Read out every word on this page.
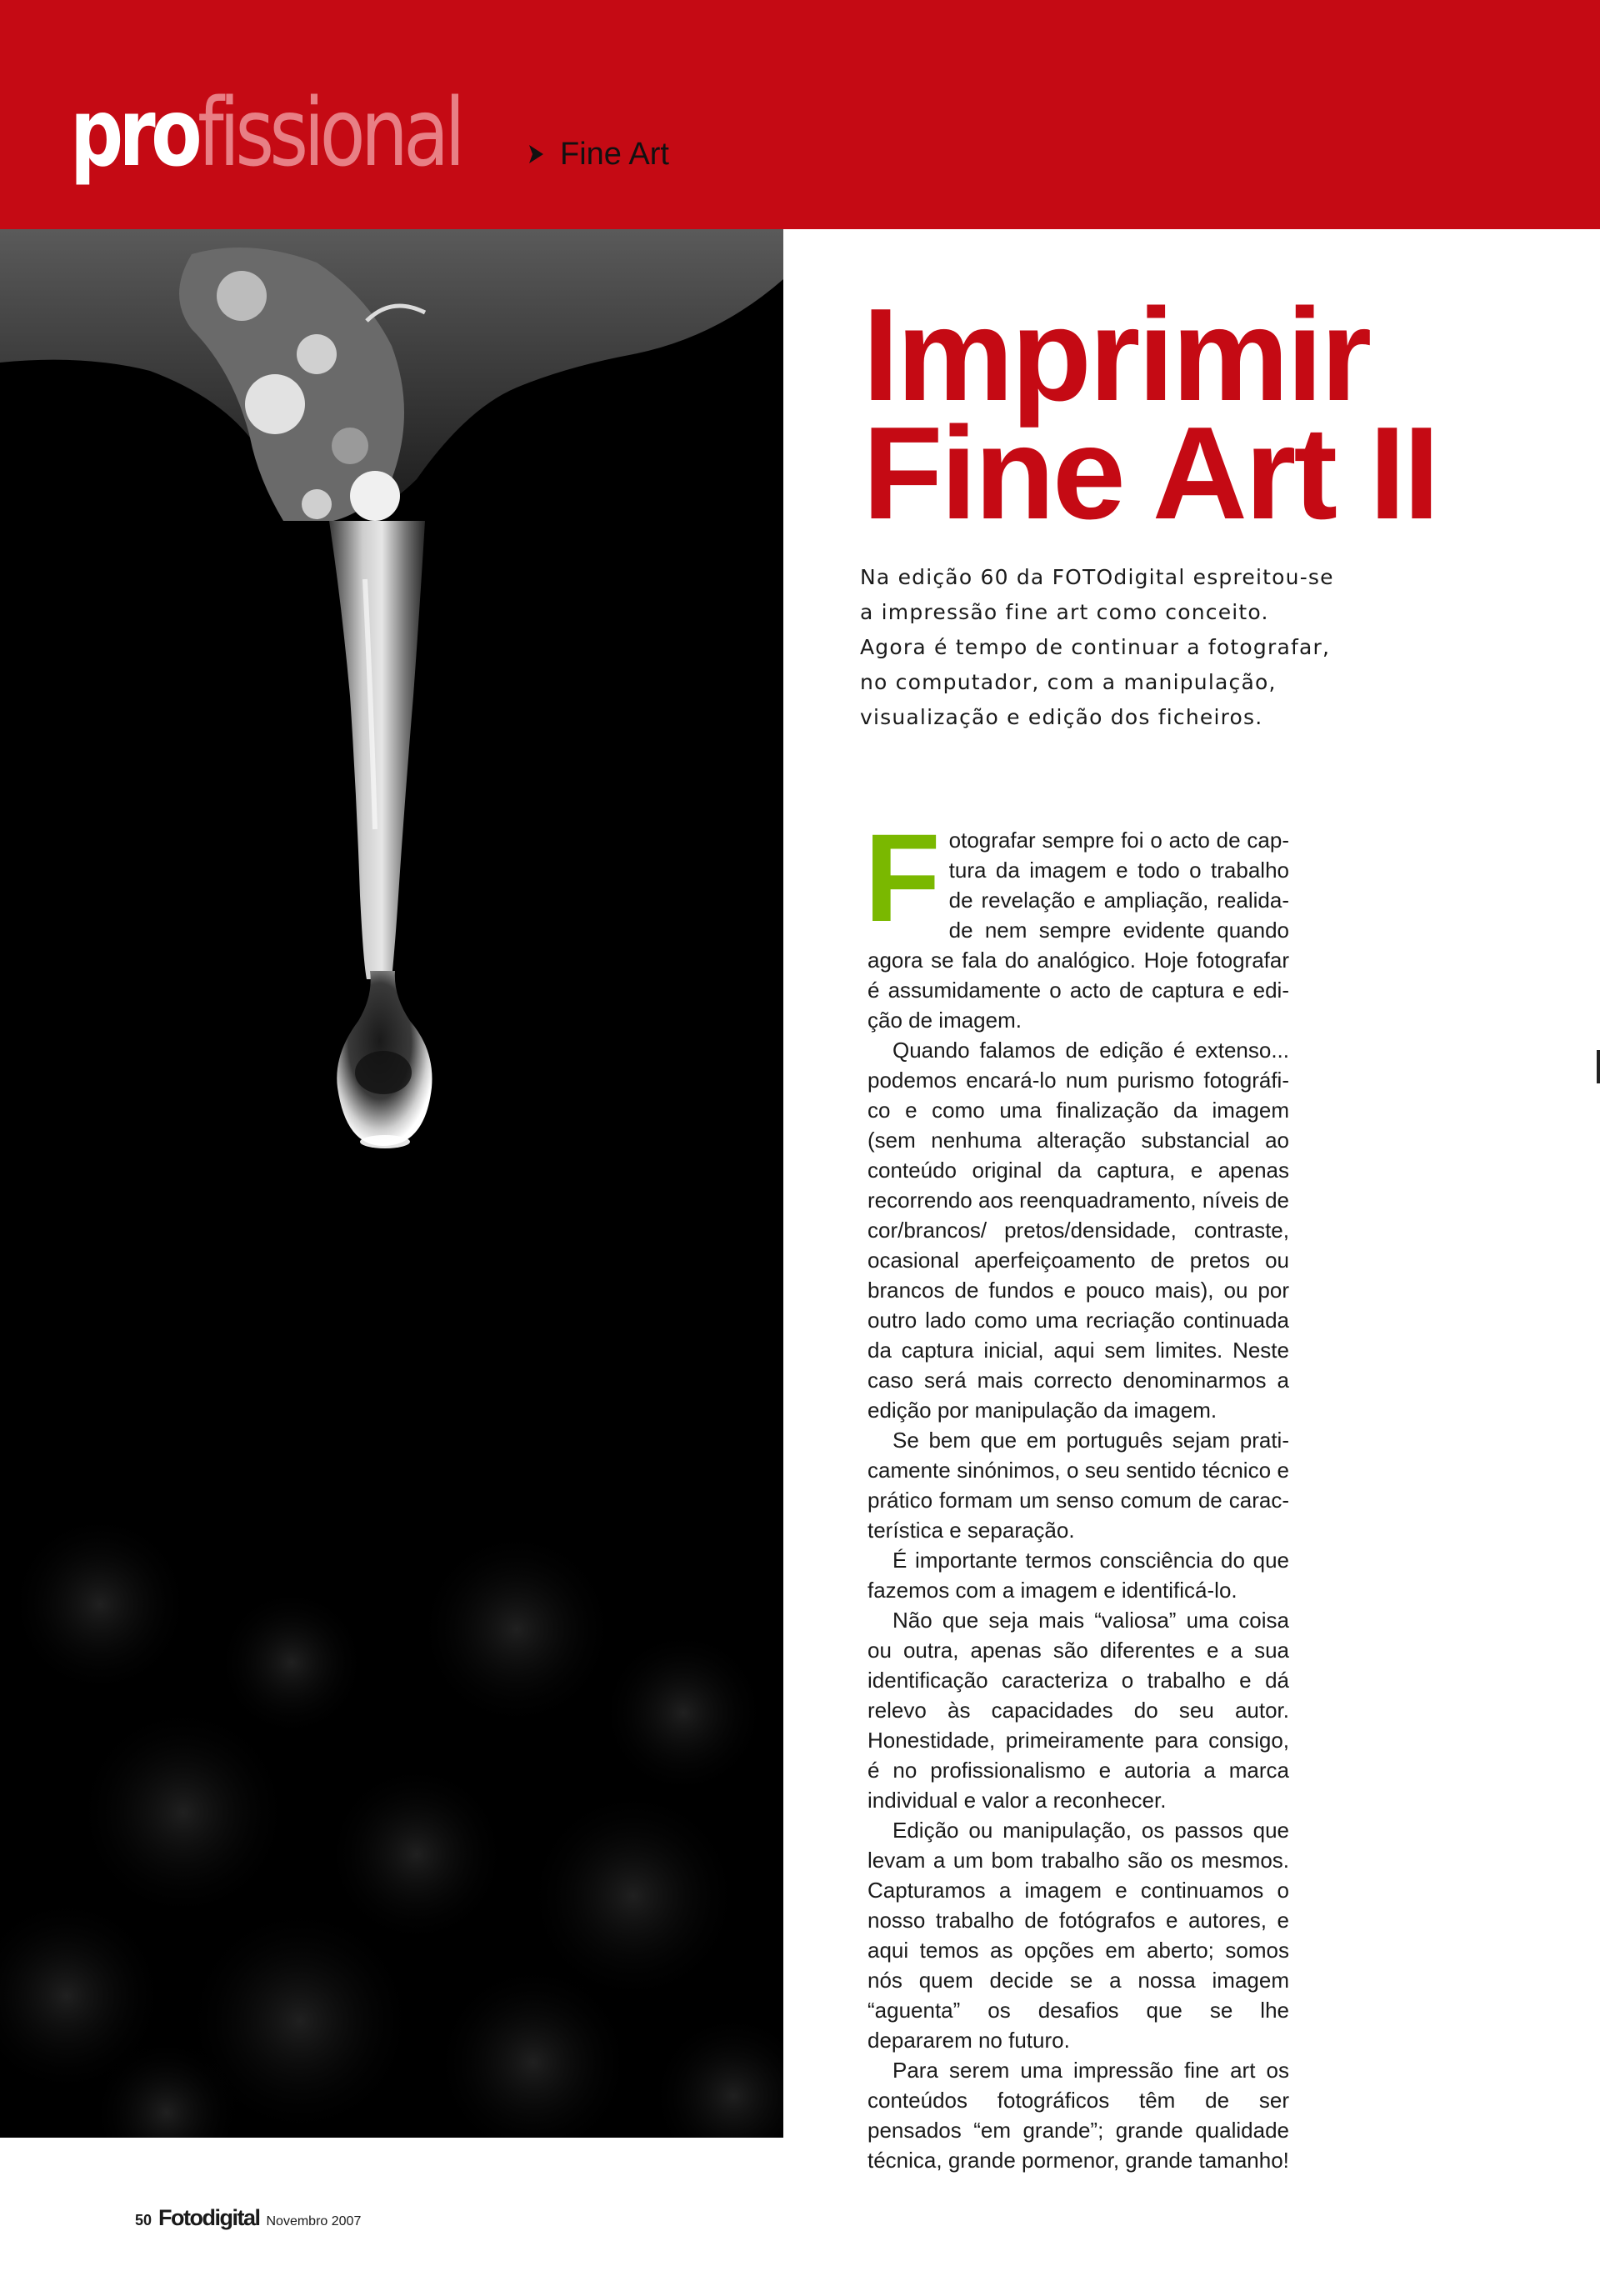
profissional	Fine Art
Imprimir
Fine Art II
Na edição 60 da FOTOdigital espreitou-se
a impressão fine art como conceito.
Agora é tempo de continuar a fotografar,
no computador, com a manipulação,
visualização e edição dos ficheiros.

Fotografar sempre foi o acto de captura da imagem e todo o trabalho de revelação e ampliação, realidade nem sempre evidente quando agora se fala do analógico. Hoje fotografar é assumidamente o acto de captura e edição de imagem.

Quando falamos de edição é extenso... podemos encará-lo num purismo fotográfico e como uma finalização da imagem (sem nenhuma alteração substancial ao conteúdo original da captura, e apenas recorrendo aos reenquadramento, níveis de cor/brancos/ pretos/densidade, contraste, ocasional aperfeiçoamento de pretos ou brancos de fundos e pouco mais), ou por outro lado como uma recriação continuada da captura inicial, aqui sem limites. Neste caso será mais correcto denominarmos a edição por manipulação da imagem.

Se bem que em português sejam praticamente sinónimos, o seu sentido técnico e prático formam um senso comum de característica e separação.

É importante termos consciência do que fazemos com a imagem e identificá-lo.

Não que seja mais “valiosa” uma coisa ou outra, apenas são diferentes e a sua identificação caracteriza o trabalho e dá relevo às capacidades do seu autor. Honestidade, primeiramente para consigo, é no profissionalismo e autoria a marca individual e valor a reconhecer.

Edição ou manipulação, os passos que levam a um bom trabalho são os mesmos. Capturamos a imagem e continuamos o nosso trabalho de fotógrafos e autores, e aqui temos as opções em aberto; somos nós quem decide se a nossa imagem “aguenta” os desafios que se lhe depararem no futuro.

Para serem uma impressão fine art os conteúdos fotográficos têm de ser pensados “em grande”; grande qualidade técnica, grande pormenor, grande tamanho!

50 Fotodigital Novembro 2007
